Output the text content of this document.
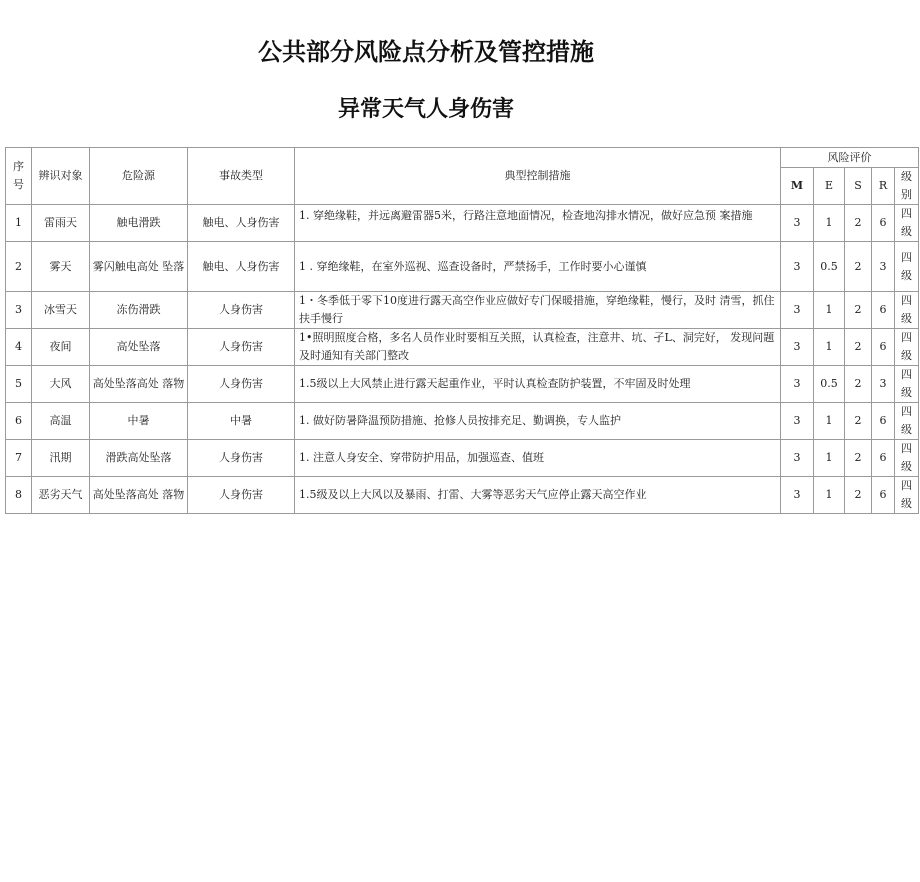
公共部分风险点分析及管控措施
异常天气人身伤害
序号	辨识对象	危险源	事故类型	典型控制措施	风险评价				
					M	E	S	R	级别
1	雷雨天	触电滑跌	触电、人身伤害	1. 穿绝缘鞋，并远离避雷器5米，行路注意地面情况，检查地沟排水情况，做好应急预 案措施	3	1	2	6	四级
2	雾天	雾闪触电高处 坠落	触电、人身伤害	1 . 穿绝缘鞋，在室外巡视、巡查设备时，严禁扬手，工作时要小心谨慎	3	0.5	2	3	四级
3	冰雪天	冻伤滑跌	人身伤害	1・冬季低于零下10度进行露天高空作业应做好专门保暖措施，穿绝缘鞋，慢行，及时 清雪，抓住扶手慢行	3	1	2	6	四级
4	夜间	高处坠落	人身伤害	1•照明照度合格，多名人员作业时要相互关照，认真检查，注意井、坑、孑L、洞完好， 发现问题及时通知有关部门整改	3	1	2	6	四级
5	大风	高处坠落高处 落物	人身伤害	1.5级以上大风禁止进行露天起重作业，平时认真检查防护装置，不牢固及时处理	3	0.5	2	3	四级
6	高温	中暑	中暑	1. 做好防暑降温预防措施、抢修人员按排充足、勤调换，专人监护	3	1	2	6	四级
7	汛期	滑跌高处坠落	人身伤害	1. 注意人身安全、穿带防护用品，加强巡查、值班	3	1	2	6	四级
8	恶劣天气	高处坠落高处 落物	人身伤害	1.5级及以上大风以及暴雨、打雷、大雾等恶劣天气应停止露天高空作业	3	1	2	6	四级
